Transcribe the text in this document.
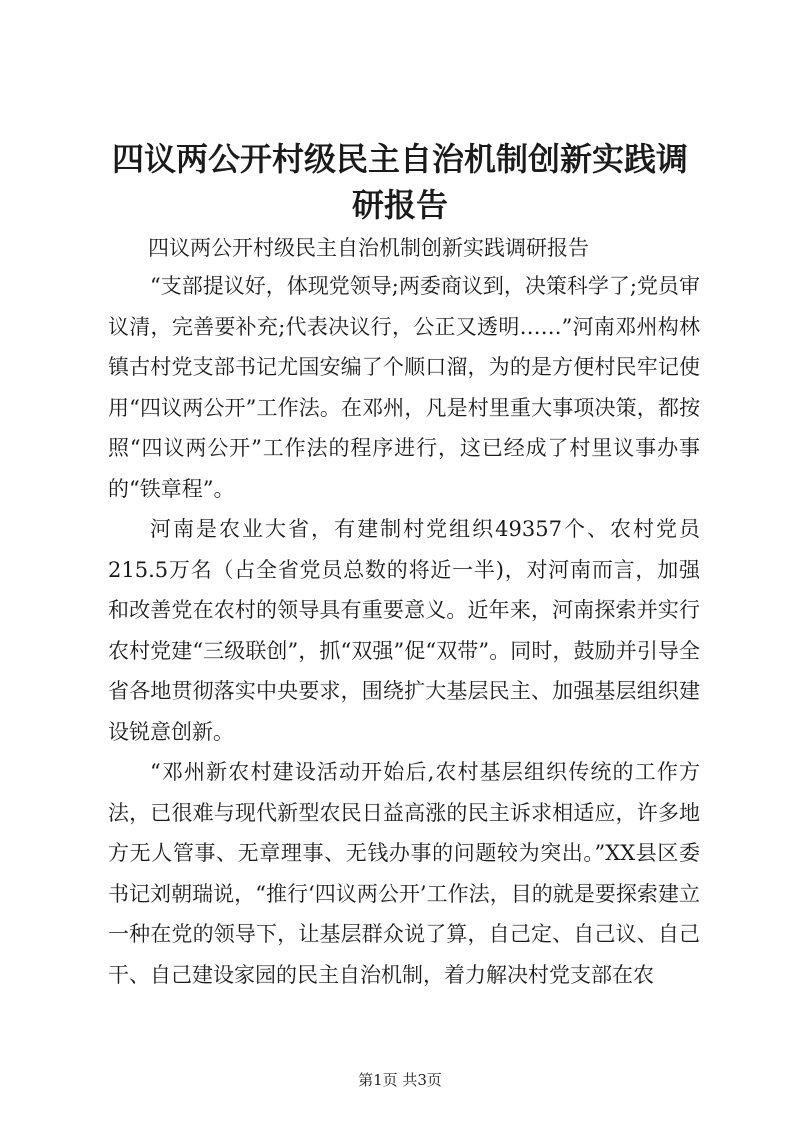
四议两公开村级民主自治机制创新实践调研报告
四议两公开村级民主自治机制创新实践调研报告

“支部提议好，体现党领导;两委商议到，决策科学了;党员审议清，完善要补充;代表决议行，公正又透明……”河南邓州构林镇古村党支部书记尤国安编了个顺口溜，为的是方便村民牢记使用“四议两公开”工作法。在邓州，凡是村里重大事项决策，都按照“四议两公开”工作法的程序进行，这已经成了村里议事办事的“铁章程”。

河南是农业大省，有建制村党组织49357个、农村党员215.5万名（占全省党员总数的将近一半)，对河南而言，加强和改善党在农村的领导具有重要意义。近年来，河南探索并实行农村党建“三级联创”，抓“双强”促“双带”。同时，鼓励并引导全省各地贯彻落实中央要求，围绕扩大基层民主、加强基层组织建设锐意创新。

“邓州新农村建设活动开始后,农村基层组织传统的工作方法，已很难与现代新型农民日益高涨的民主诉求相适应，许多地方无人管事、无章理事、无钱办事的问题较为突出。”XX县区委书记刘朝瑞说，“推行‘四议两公开’工作法，目的就是要探索建立一种在党的领导下，让基层群众说了算，自己定、自己议、自己干、自己建设家园的民主自治机制，着力解决村党支部在农

第1页 共3页
